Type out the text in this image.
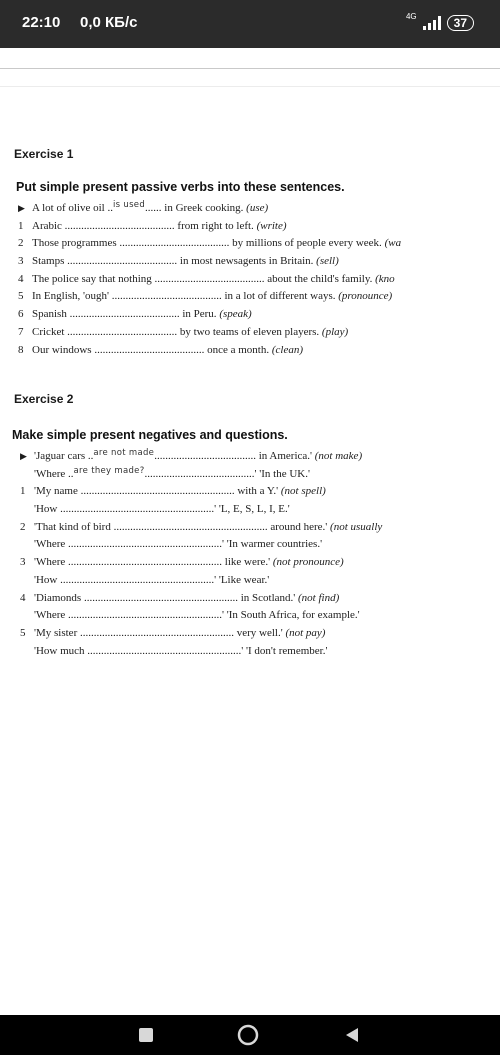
22:10 0,0 КБ/с	4G	37
Exercise 1
Put simple present passive verbs into these sentences.
▶ A lot of olive oil ..$^{is used}$...... in Greek cooking. (use)
1 Arabic ........................................ from right to left. (write)
2 Those programmes ........................................ by millions of people every week. (wa
3 Stamps ........................................ in most newsagents in Britain. (sell)
4 The police say that nothing ........................................ about the child's family. (kno
5 In English, 'ough' ........................................ in a lot of different ways. (pronounce)
6 Spanish ........................................ in Peru. (speak)
7 Cricket ........................................ by two teams of eleven players. (play)
8 Our windows ........................................ once a month. (clean)
Exercise 2
Make simple present negatives and questions.
▶ 'Jaguar cars ..$^{are not made}$..................................... in America.' (not make)
'Where ..$^{are they made?}$........................................' 'In the UK.'
1 'My name ........................................................ with a Y.' (not spell)
'How ........................................................' 'L, E, S, L, I, E.'
2 'That kind of bird ........................................................ around here.' (not usually
'Where ........................................................' 'In warmer countries.'
3 'Where ........................................................ like were.' (not pronounce)
'How ........................................................' 'Like wear.'
4 'Diamonds ........................................................ in Scotland.' (not find)
'Where ........................................................' 'In South Africa, for example.'
5 'My sister ........................................................ very well.' (not pay)
'How much ........................................................' 'I don't remember.'
